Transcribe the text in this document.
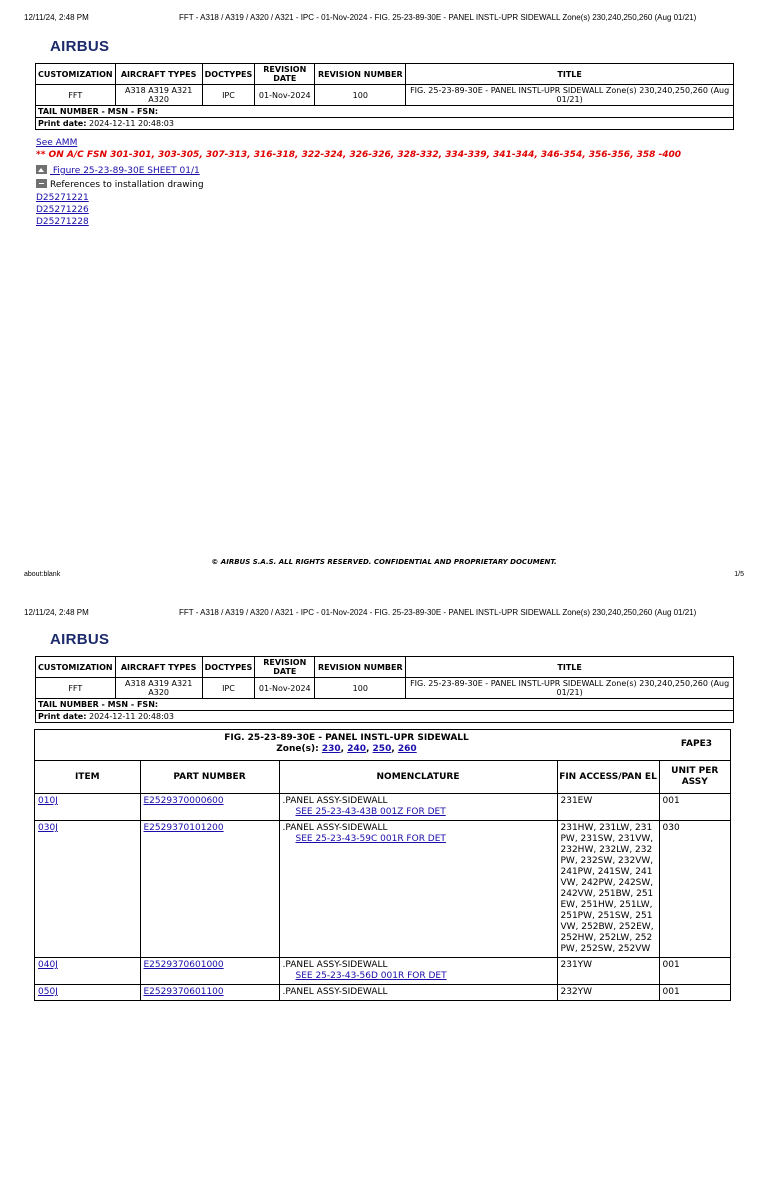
12/11/24, 2:48 PM	FFT - A318 / A319 / A320 / A321 - IPC - 01-Nov-2024 - FIG. 25-23-89-30E - PANEL INSTL-UPR SIDEWALL Zone(s) 230,240,250,260 (Aug 01/21)
AIRBUS
CUSTOMIZATION	AIRCRAFT TYPES	DOCTYPES	REVISION DATE	REVISION NUMBER	TITLE
FFT	A318 A319 A321 A320	IPC	01-Nov-2024	100	FIG. 25-23-89-30E - PANEL INSTL-UPR SIDEWALL Zone(s) 230,240,250,260 (Aug 01/21)
TAIL NUMBER - MSN - FSN:					
Print date: 2024-12-11 20:48:03					
See AMM
** ON A/C FSN 301-301, 303-305, 307-313, 316-318, 322-324, 326-326, 328-332, 334-339, 341-344, 346-354, 356-356, 358 -400
Figure 25-23-89-30E SHEET 01/1
References to installation drawing
D25271221
D25271226
D25271228
© AIRBUS S.A.S. ALL RIGHTS RESERVED. CONFIDENTIAL AND PROPRIETARY DOCUMENT.
about:blank	1/5
12/11/24, 2:48 PM	FFT - A318 / A319 / A320 / A321 - IPC - 01-Nov-2024 - FIG. 25-23-89-30E - PANEL INSTL-UPR SIDEWALL Zone(s) 230,240,250,260 (Aug 01/21)
AIRBUS
CUSTOMIZATION	AIRCRAFT TYPES	DOCTYPES	REVISION DATE	REVISION NUMBER	TITLE
FFT	A318 A319 A321 A320	IPC	01-Nov-2024	100	FIG. 25-23-89-30E - PANEL INSTL-UPR SIDEWALL Zone(s) 230,240,250,260 (Aug 01/21)
TAIL NUMBER - MSN - FSN:					
Print date: 2024-12-11 20:48:03					
FIG. 25-23-89-30E - PANEL INSTL-UPR SIDEWALL
Zone(s): 230, 240, 250, 260	FAPE3
ITEM	PART NUMBER	NOMENCLATURE	FIN ACCESS/PAN EL	UNIT PER ASSY
010J	E2529370000600	.PANEL ASSY-SIDEWALL
SEE 25-23-43-43B 001Z FOR DET	231EW	001
030J	E2529370101200	.PANEL ASSY-SIDEWALL
SEE 25-23-43-59C 001R FOR DET	231HW, 231LW, 231PW, 231SW, 231VW, 232HW, 232LW, 232PW, 232SW, 232VW, 241PW, 241SW, 241VW, 242PW, 242SW, 242VW, 251BW, 251EW, 251HW, 251LW, 251PW, 251SW, 251VW, 252BW, 252EW, 252HW, 252LW, 252PW, 252SW, 252VW	030
040J	E2529370601000	.PANEL ASSY-SIDEWALL
SEE 25-23-43-56D 001R FOR DET	231YW	001
050J	E2529370601100	.PANEL ASSY-SIDEWALL	232YW	001
